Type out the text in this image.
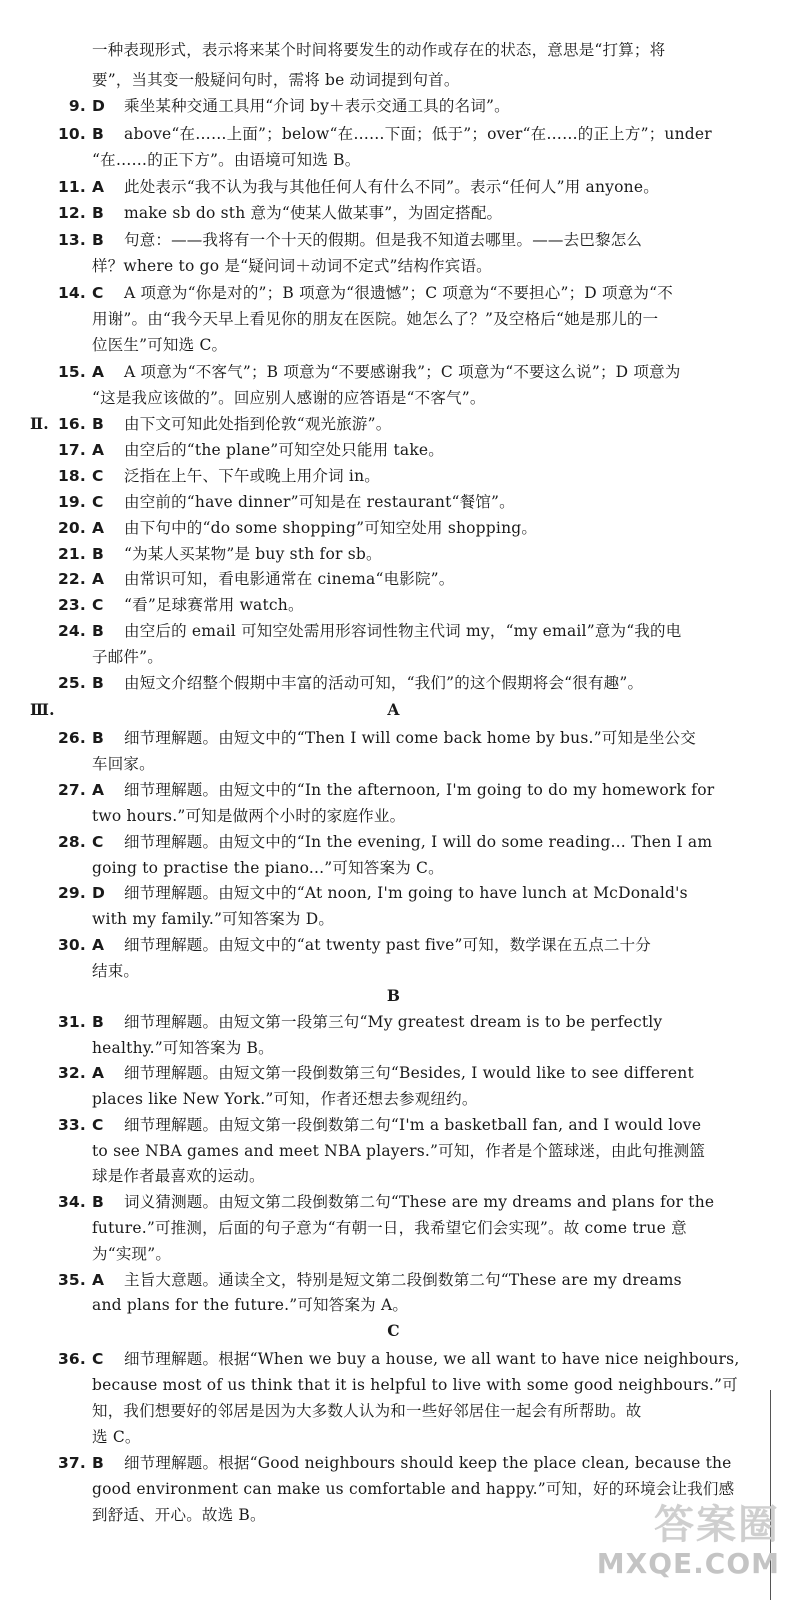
一种表现形式，表示将来某个时间将要发生的动作或存在的状态，意思是“打算；将
要”，当其变一般疑问句时，需将 be 动词提到句首。
9. D 乘坐某种交通工具用“介词 by＋表示交通工具的名词”。
10. B above“在……上面”；below“在……下面；低于”；over“在……的正上方”；under
“在……的正下方”。由语境可知选 B。
11. A 此处表示“我不认为我与其他任何人有什么不同”。表示“任何人”用 anyone。
12. B make sb do sth 意为“使某人做某事”，为固定搭配。
13. B 句意：——我将有一个十天的假期。但是我不知道去哪里。——去巴黎怎么
样？where to go 是“疑问词＋动词不定式”结构作宾语。
14. C A 项意为“你是对的”；B 项意为“很遗憾”；C 项意为“不要担心”；D 项意为“不
用谢”。由“我今天早上看见你的朋友在医院。她怎么了？”及空格后“她是那儿的一
位医生”可知选 C。
15. A A 项意为“不客气”；B 项意为“不要感谢我”；C 项意为“不要这么说”；D 项意为
“这是我应该做的”。回应别人感谢的应答语是“不客气”。
Ⅱ. 16. B 由下文可知此处指到伦敦“观光旅游”。
17. A 由空后的“the plane”可知空处只能用 take。
18. C 泛指在上午、下午或晚上用介词 in。
19. C 由空前的“have dinner”可知是在 restaurant“餐馆”。
20. A 由下句中的“do some shopping”可知空处用 shopping。
21. B “为某人买某物”是 buy sth for sb。
22. A 由常识可知，看电影通常在 cinema“电影院”。
23. C “看”足球赛常用 watch。
24. B 由空后的 email 可知空处需用形容词性物主代词 my，“my email”意为“我的电
子邮件”。
25. B 由短文介绍整个假期中丰富的活动可知，“我们”的这个假期将会“很有趣”。
Ⅲ.	A
26. B 细节理解题。由短文中的“Then I will come back home by bus.”可知是坐公交
车回家。
27. A 细节理解题。由短文中的“In the afternoon, I'm going to do my homework for
two hours.”可知是做两个小时的家庭作业。
28. C 细节理解题。由短文中的“In the evening, I will do some reading... Then I am
going to practise the piano...”可知答案为 C。
29. D 细节理解题。由短文中的“At noon, I'm going to have lunch at McDonald's
with my family.”可知答案为 D。
30. A 细节理解题。由短文中的“at twenty past five”可知，数学课在五点二十分
结束。
B
31. B 细节理解题。由短文第一段第三句“My greatest dream is to be perfectly
healthy.”可知答案为 B。
32. A 细节理解题。由短文第一段倒数第三句“Besides, I would like to see different
places like New York.”可知，作者还想去参观纽约。
33. C 细节理解题。由短文第一段倒数第二句“I'm a basketball fan, and I would love
to see NBA games and meet NBA players.”可知，作者是个篮球迷，由此句推测篮
球是作者最喜欢的运动。
34. B 词义猜测题。由短文第二段倒数第二句“These are my dreams and plans for the
future.”可推测，后面的句子意为“有朝一日，我希望它们会实现”。故 come true 意
为“实现”。
35. A 主旨大意题。通读全文，特别是短文第二段倒数第二句“These are my dreams
and plans for the future.”可知答案为 A。
C
36. C 细节理解题。根据“When we buy a house, we all want to have nice neighbours,
because most of us think that it is helpful to live with some good neighbours.”可
知，我们想要好的邻居是因为大多数人认为和一些好邻居住一起会有所帮助。故
选 C。
37. B 细节理解题。根据“Good neighbours should keep the place clean, because the
good environment can make us comfortable and happy.”可知，好的环境会让我们感
到舒适、开心。故选 B。	答案圈
MXQE.COM
